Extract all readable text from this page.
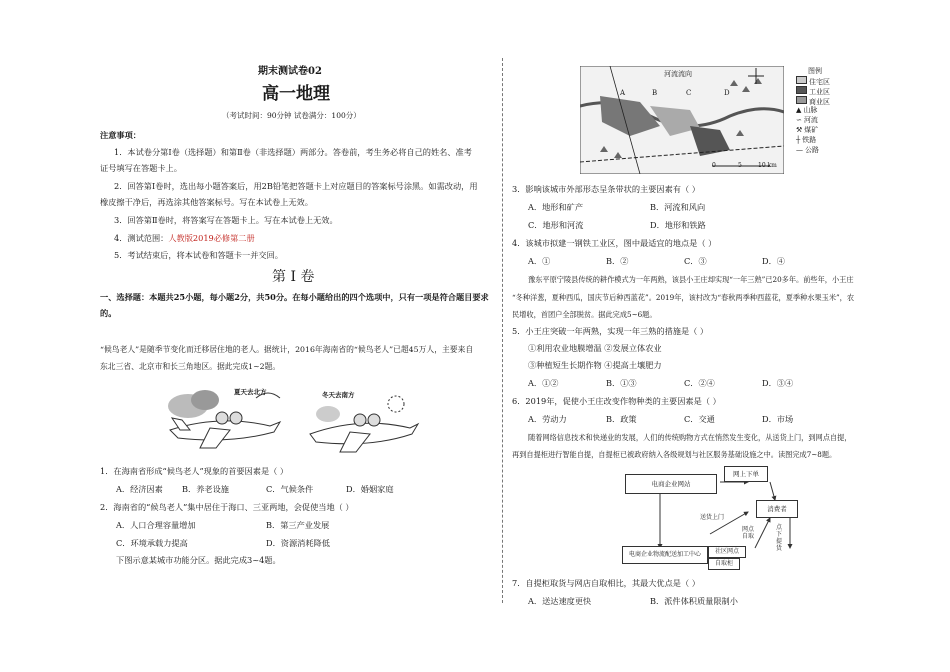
期末测试卷02
高一地理
（考试时间：90分钟 试卷满分：100分）
注意事项：
1．本试卷分第Ⅰ卷（选择题）和第Ⅱ卷（非选择题）两部分。答卷前，考生务必将自己的姓名、准考
证号填写在答题卡上。
2．回答第Ⅰ卷时，选出每小题答案后，用2B铅笔把答题卡上对应题目的答案标号涂黑。如需改动，用
橡皮擦干净后，再选涂其他答案标号。写在本试卷上无效。
3．回答第Ⅱ卷时，将答案写在答题卡上。写在本试卷上无效。
4．测试范围：人教版2019必修第二册
5．考试结束后，将本试卷和答题卡一并交回。
第 I 卷
一、选择题：本题共25小题，每小题2分，共50分。在每小题给出的四个选项中，只有一项是符合题目要求
的。
“候鸟老人”是随季节变化而迁移居住地的老人。据统计，2016年海南省的“候鸟老人”已超45万人，主要来自
东北三省、北京市和长三角地区。据此完成1~2题。
夏天去北方	冬天去南方
1．在海南省形成“候鸟老人”现象的首要因素是（ ）
A．经济因素 B．养老设施	C．气候条件	D．婚姻家庭
2．海南省的“候鸟老人”集中居住于海口、三亚两地，会促使当地（ ）
A．人口合理容量增加	B．第三产业发展
C．环境承载力提高	D．资源消耗降低
下图示意某城市功能分区。据此完成3~4题。
河流流向
A	B	C	D
0	5	10 km
图例
住宅区
工业区
商业区
▲ 山脉
∽ 河流
⚒ 煤矿
┼ 铁路
— 公路
3．影响该城市外部形态呈条带状的主要因素有（ ）
A．地形和矿产	B．河流和风向
C．地形和河流	D．地形和铁路
4．该城市拟建一钢铁工业区，图中最适宜的地点是（ ）
A．①	B．②	C．③	D．④
豫东平原宁陵县传统的耕作模式为一年两熟，该县小王庄却实现“一年三熟”已20多年。前些年，小王庄
“冬种洋葱，夏种西瓜，国庆节后种西蓝花”。2019年，该村改为“春秋两季种西蓝花，夏季种水果玉米”，农
民增收，首团户全部脱贫。据此完成5~6题。
5．小王庄突破一年两熟，实现一年三熟的措施是（ ）
①利用农业地膜增温 ②发展立体农业
③种植短生长期作物 ④提高土壤肥力
A．①②	B．①③	C．②④	D．③④
6．2019年，促使小王庄改变作物种类的主要因素是（ ）
A．劳动力	B．政策	C．交通	D．市场
随着网络信息技术和快递业的发展，人们的传统购物方式在悄然发生变化，从送货上门，到网点自提，
再到自提柜进行智能自提，自提柜已被政府纳入各级规划与社区服务基础设施之中。读图完成7~8题。
电商企业网站
网上下单
消费者
送货上门
网点自取
点下提货
电商企业物流配送加工中心	社区网点
自取柜
7．自提柜取货与网店自取相比，其最大优点是（ ）
A．送达速度更快	B．派件体积质量限制小
